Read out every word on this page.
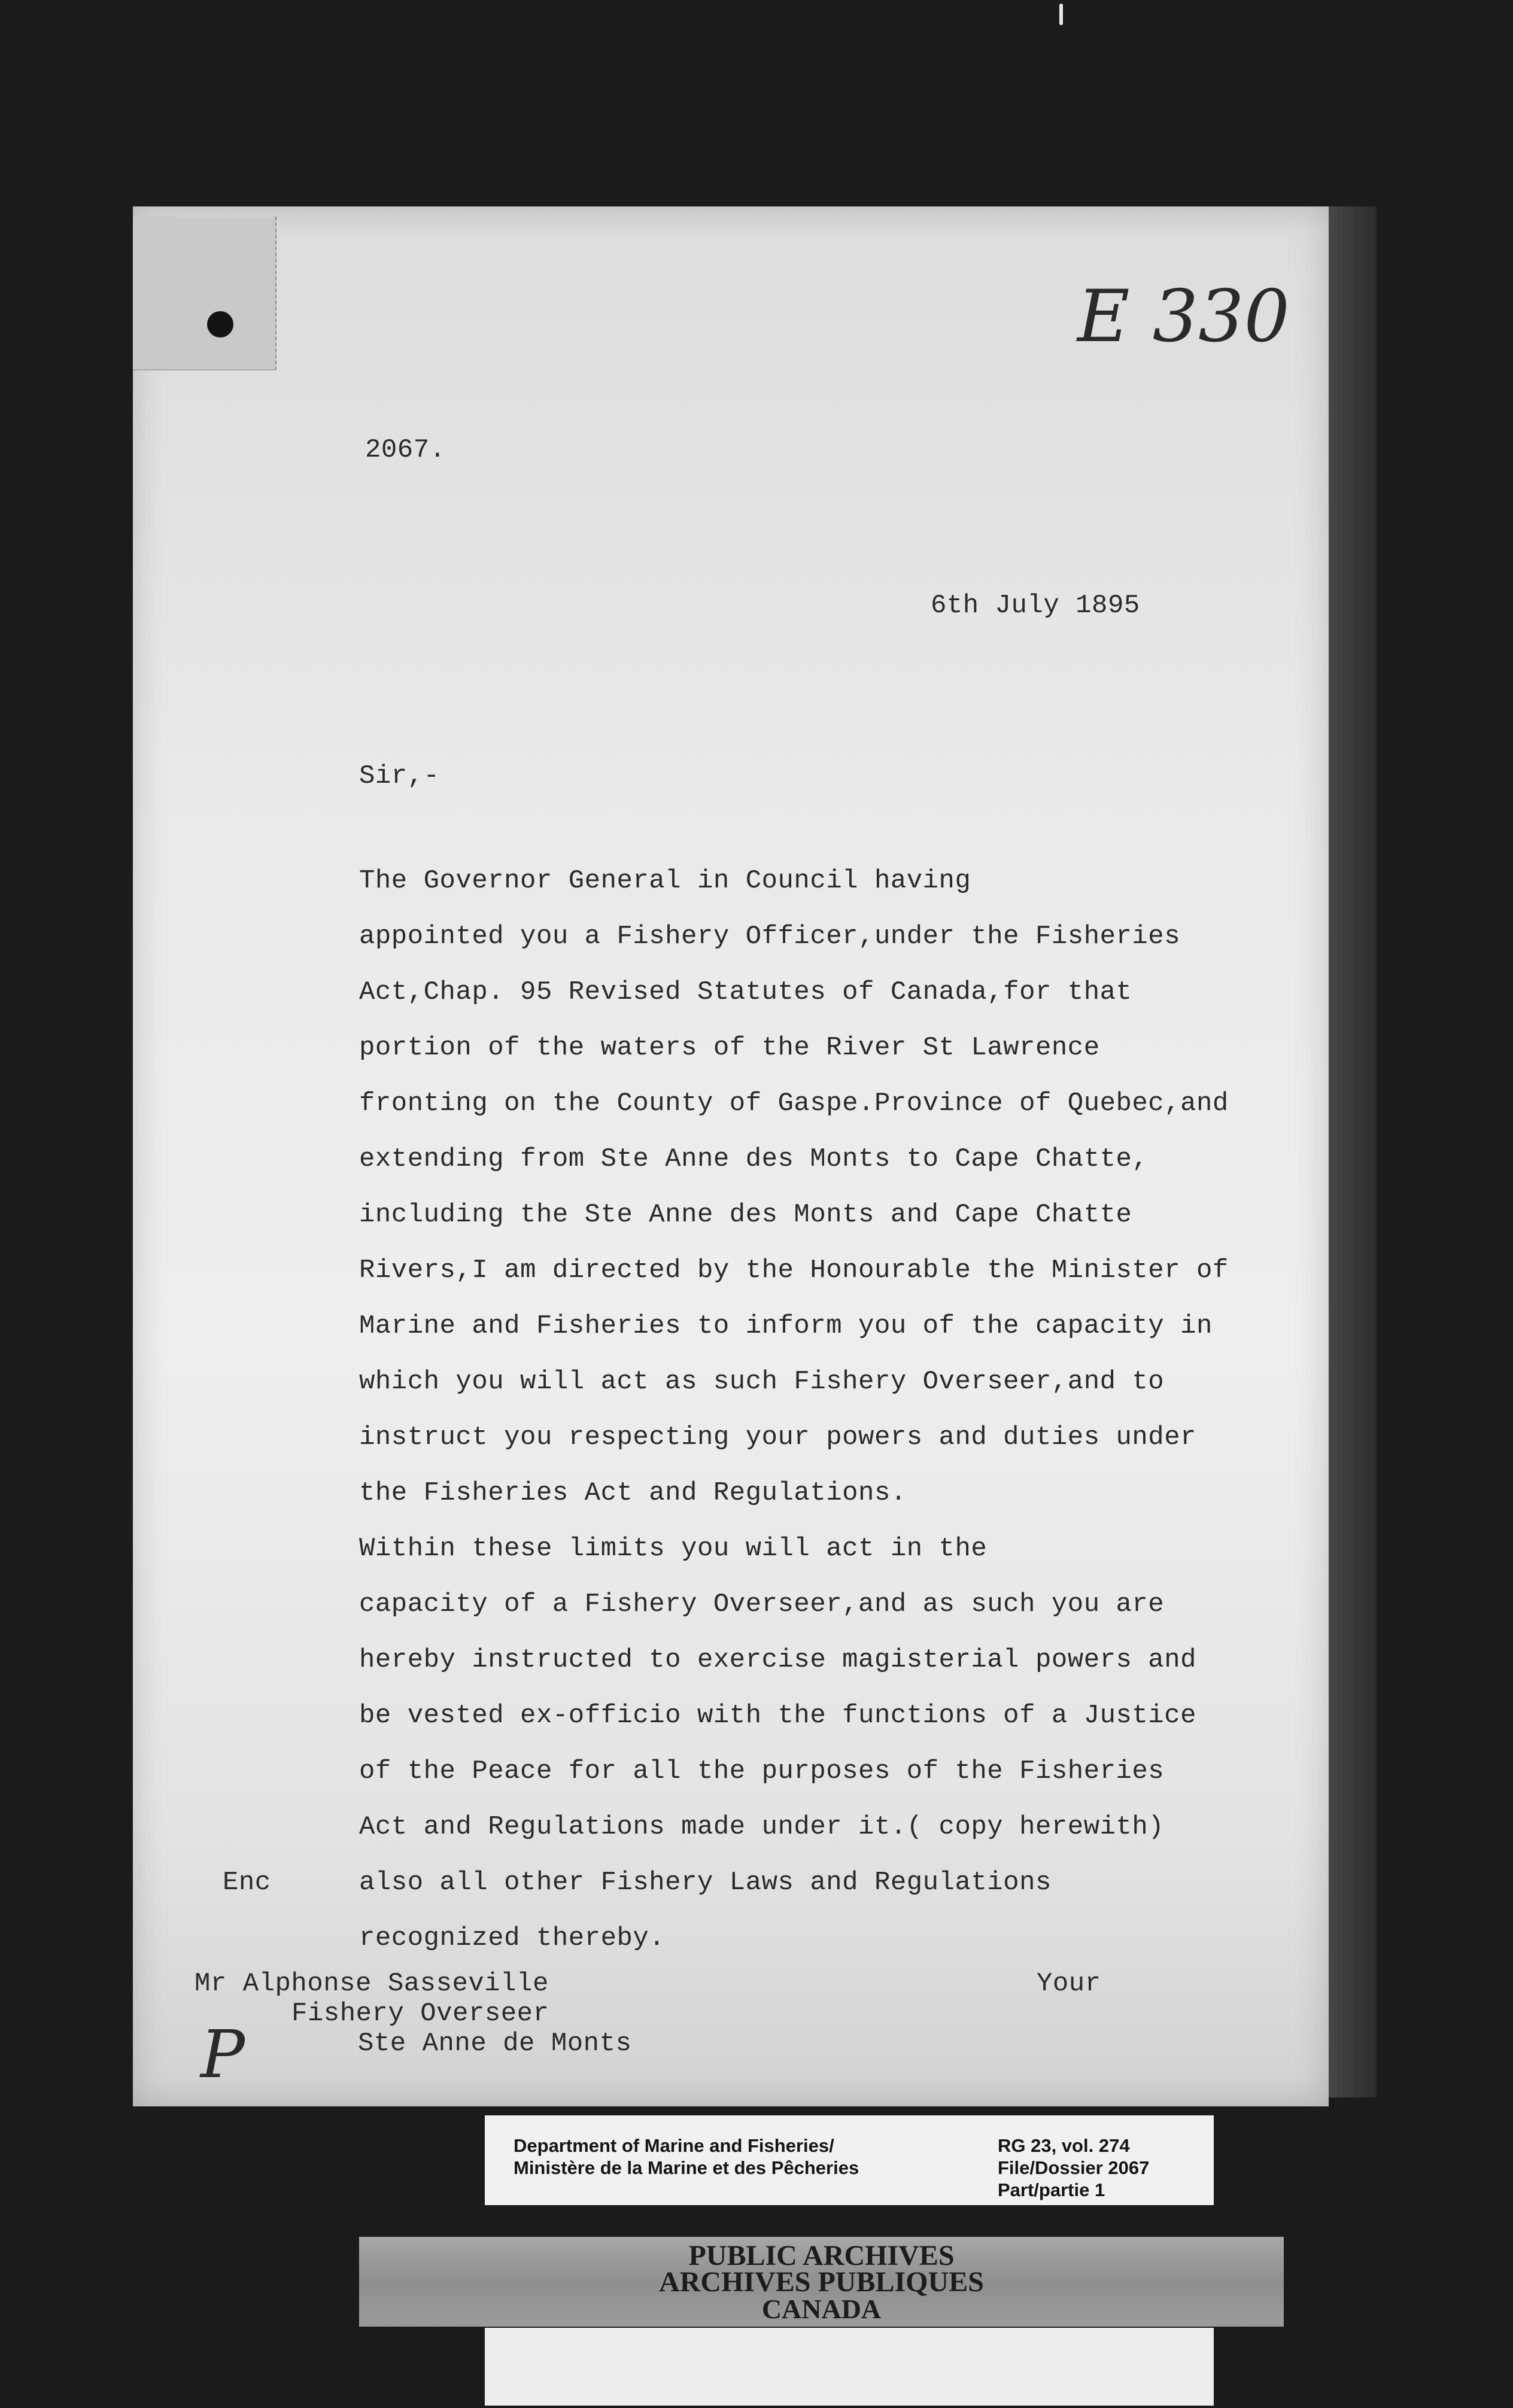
E 330
2067.
6th July 1895
Sir,-
The Governor General in Council having
appointed you a Fishery Officer,under the Fisheries
Act,Chap. 95 Revised Statutes of Canada,for that
portion of the waters of the River St Lawrence
fronting on the County of Gaspe.Province of Quebec,and
extending from Ste Anne des Monts to Cape Chatte,
including the Ste Anne des Monts and Cape Chatte
Rivers,I am directed by the Honourable the Minister of
Marine and Fisheries to inform you of the capacity in
which you will act as such Fishery Overseer,and to
instruct you respecting your powers and duties under
the Fisheries Act and Regulations.
Within these limits you will act in the
capacity of a Fishery Overseer,and as such you are
hereby instructed to exercise magisterial powers and
be vested ex-officio with the functions of a Justice
of the Peace for all the purposes of the Fisheries
Act and Regulations made under it.( copy herewith)
also all other Fishery Laws and Regulations
recognized thereby.
Enc
Your
Mr Alphonse Sasseville
Fishery Overseer
Ste Anne de Monts
P
Department of Marine and Fisheries/
Ministère de la Marine et des Pêcheries
RG 23, vol. 274
File/Dossier 2067
Part/partie 1
PUBLIC ARCHIVES
ARCHIVES PUBLIQUES
CANADA
